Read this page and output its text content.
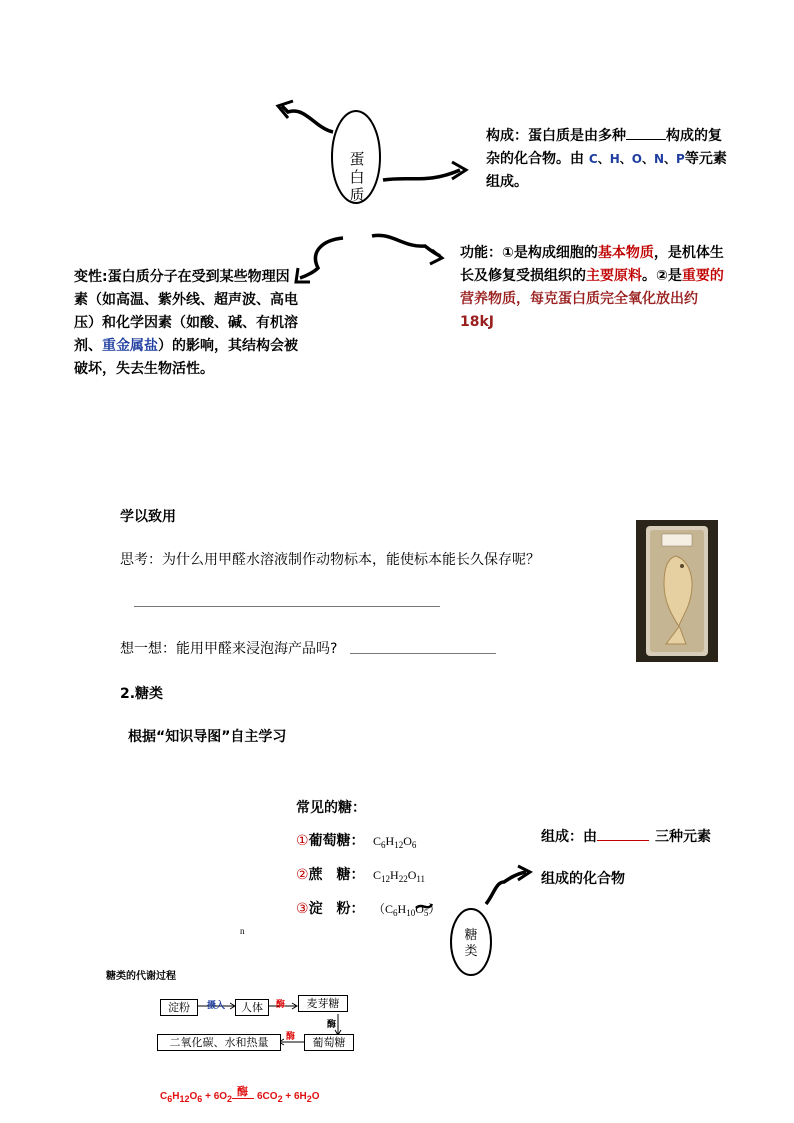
蛋白质
构成：蛋白质是由多种	构成的复杂的化合物。由 C、H、O、N、P等元素组成。
功能：①是构成细胞的基本物质，是机体生长及修复受损组织的主要原料。②是重要的营养物质，每克蛋白质完全氧化放出约 18kJ
变性:蛋白质分子在受到某些物理因素（如高温、紫外线、超声波、高电压）和化学因素（如酸、碱、有机溶剂、重金属盐）的影响，其结构会被破坏，失去生物活性。
学以致用
思考：为什么用甲醛水溶液制作动物标本，能使标本能长久保存呢？
想一想：能用甲醛来浸泡海产品吗?
2.糖类
根据“知识导图”自主学习
常见的糖：
①葡萄糖： $C_6H_{12}O_6$
②蔗　糖： $C_{12}H_{22}O_{11}$
③淀　粉： $(C_6H_{10}O_5)$
n	糖类
组成：由	三种元素
组成的化合物
糖类的代谢过程
淀粉	摄入	人体	酶	麦芽糖
酶
二氧化碳、水和热量	酶	葡萄糖
$C_6H_{12}O_6 + 6O_2$
酶 $6CO_2 + 6H_2O$
